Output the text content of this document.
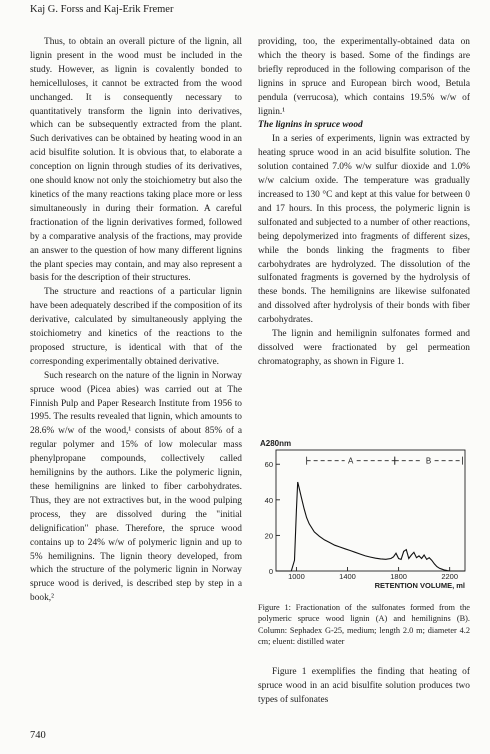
Kaj G. Forss and Kaj-Erik Fremer

Thus, to obtain an overall picture of the lignin, all lignin present in the wood must be included in the study. However, as lignin is covalently bonded to hemicelluloses, it cannot be extracted from the wood unchanged. It is consequently necessary to quantitatively transform the lignin into derivatives, which can be subsequently extracted from the plant. Such derivatives can be obtained by heating wood in an acid bisulfite solution. It is obvious that, to elaborate a conception on lignin through studies of its derivatives, one should know not only the stoichiometry but also the kinetics of the many reactions taking place more or less simultaneously in during their formation. A careful fractionation of the lignin derivatives formed, followed by a comparative analysis of the fractions, may provide an answer to the question of how many different lignins the plant species may contain, and may also represent a basis for the description of their structures.

The structure and reactions of a particular lignin have been adequately described if the composition of its derivative, calculated by simultaneously applying the stoichiometry and kinetics of the reactions to the proposed structure, is identical with that of the corresponding experimentally obtained derivative.

Such research on the nature of the lignin in Norway spruce wood (Picea abies) was carried out at The Finnish Pulp and Paper Research Institute from 1956 to 1995. The results revealed that lignin, which amounts to 28.6% w/w of the wood,¹ consists of about 85% of a regular polymer and 15% of low molecular mass phenylpropane compounds, collectively called hemilignins by the authors. Like the polymeric lignin, these hemilignins are linked to fiber carbohydrates. Thus, they are not extractives but, in the wood pulping process, they are dissolved during the "initial delignification" phase. Therefore, the spruce wood contains up to 24% w/w of polymeric lignin and up to 5% hemilignins. The lignin theory developed, from which the structure of the polymeric lignin in Norway spruce wood is derived, is described step by step in a book,²

providing, too, the experimentally-obtained data on which the theory is based. Some of the findings are briefly reproduced in the following comparison of the lignins in spruce and European birch wood, Betula pendula (verrucosa), which contains 19.5% w/w of lignin.¹

The lignins in spruce wood

In a series of experiments, lignin was extracted by heating spruce wood in an acid bisulfite solution. The solution contained 7.0% w/w sulfur dioxide and 1.0% w/w calcium oxide. The temperature was gradually increased to 130 °C and kept at this value for between 0 and 17 hours. In this process, the polymeric lignin is sulfonated and subjected to a number of other reactions, being depolymerized into fragments of different sizes, while the bonds linking the fragments to fiber carbohydrates are hydrolyzed. The dissolution of the sulfonated fragments is governed by the hydrolysis of these bonds. The hemilignins are likewise sulfonated and dissolved after hydrolysis of their bonds with fiber carbohydrates.

The lignin and hemilignin sulfonates formed and dissolved were fractionated by gel permeation chromatography, as shown in Figure 1.

0
20
40
60
1000	1400	1800	2200
A280nm
RETENTION VOLUME, ml
A	B
Figure 1: Fractionation of the sulfonates formed from the polymeric spruce wood lignin (A) and hemilignins (B). Column: Sephadex G-25, medium; length 2.0 m; diameter 4.2 cm; eluent: distilled water

Figure 1 exemplifies the finding that heating of spruce wood in an acid bisulfite solution produces two types of sulfonates

740
